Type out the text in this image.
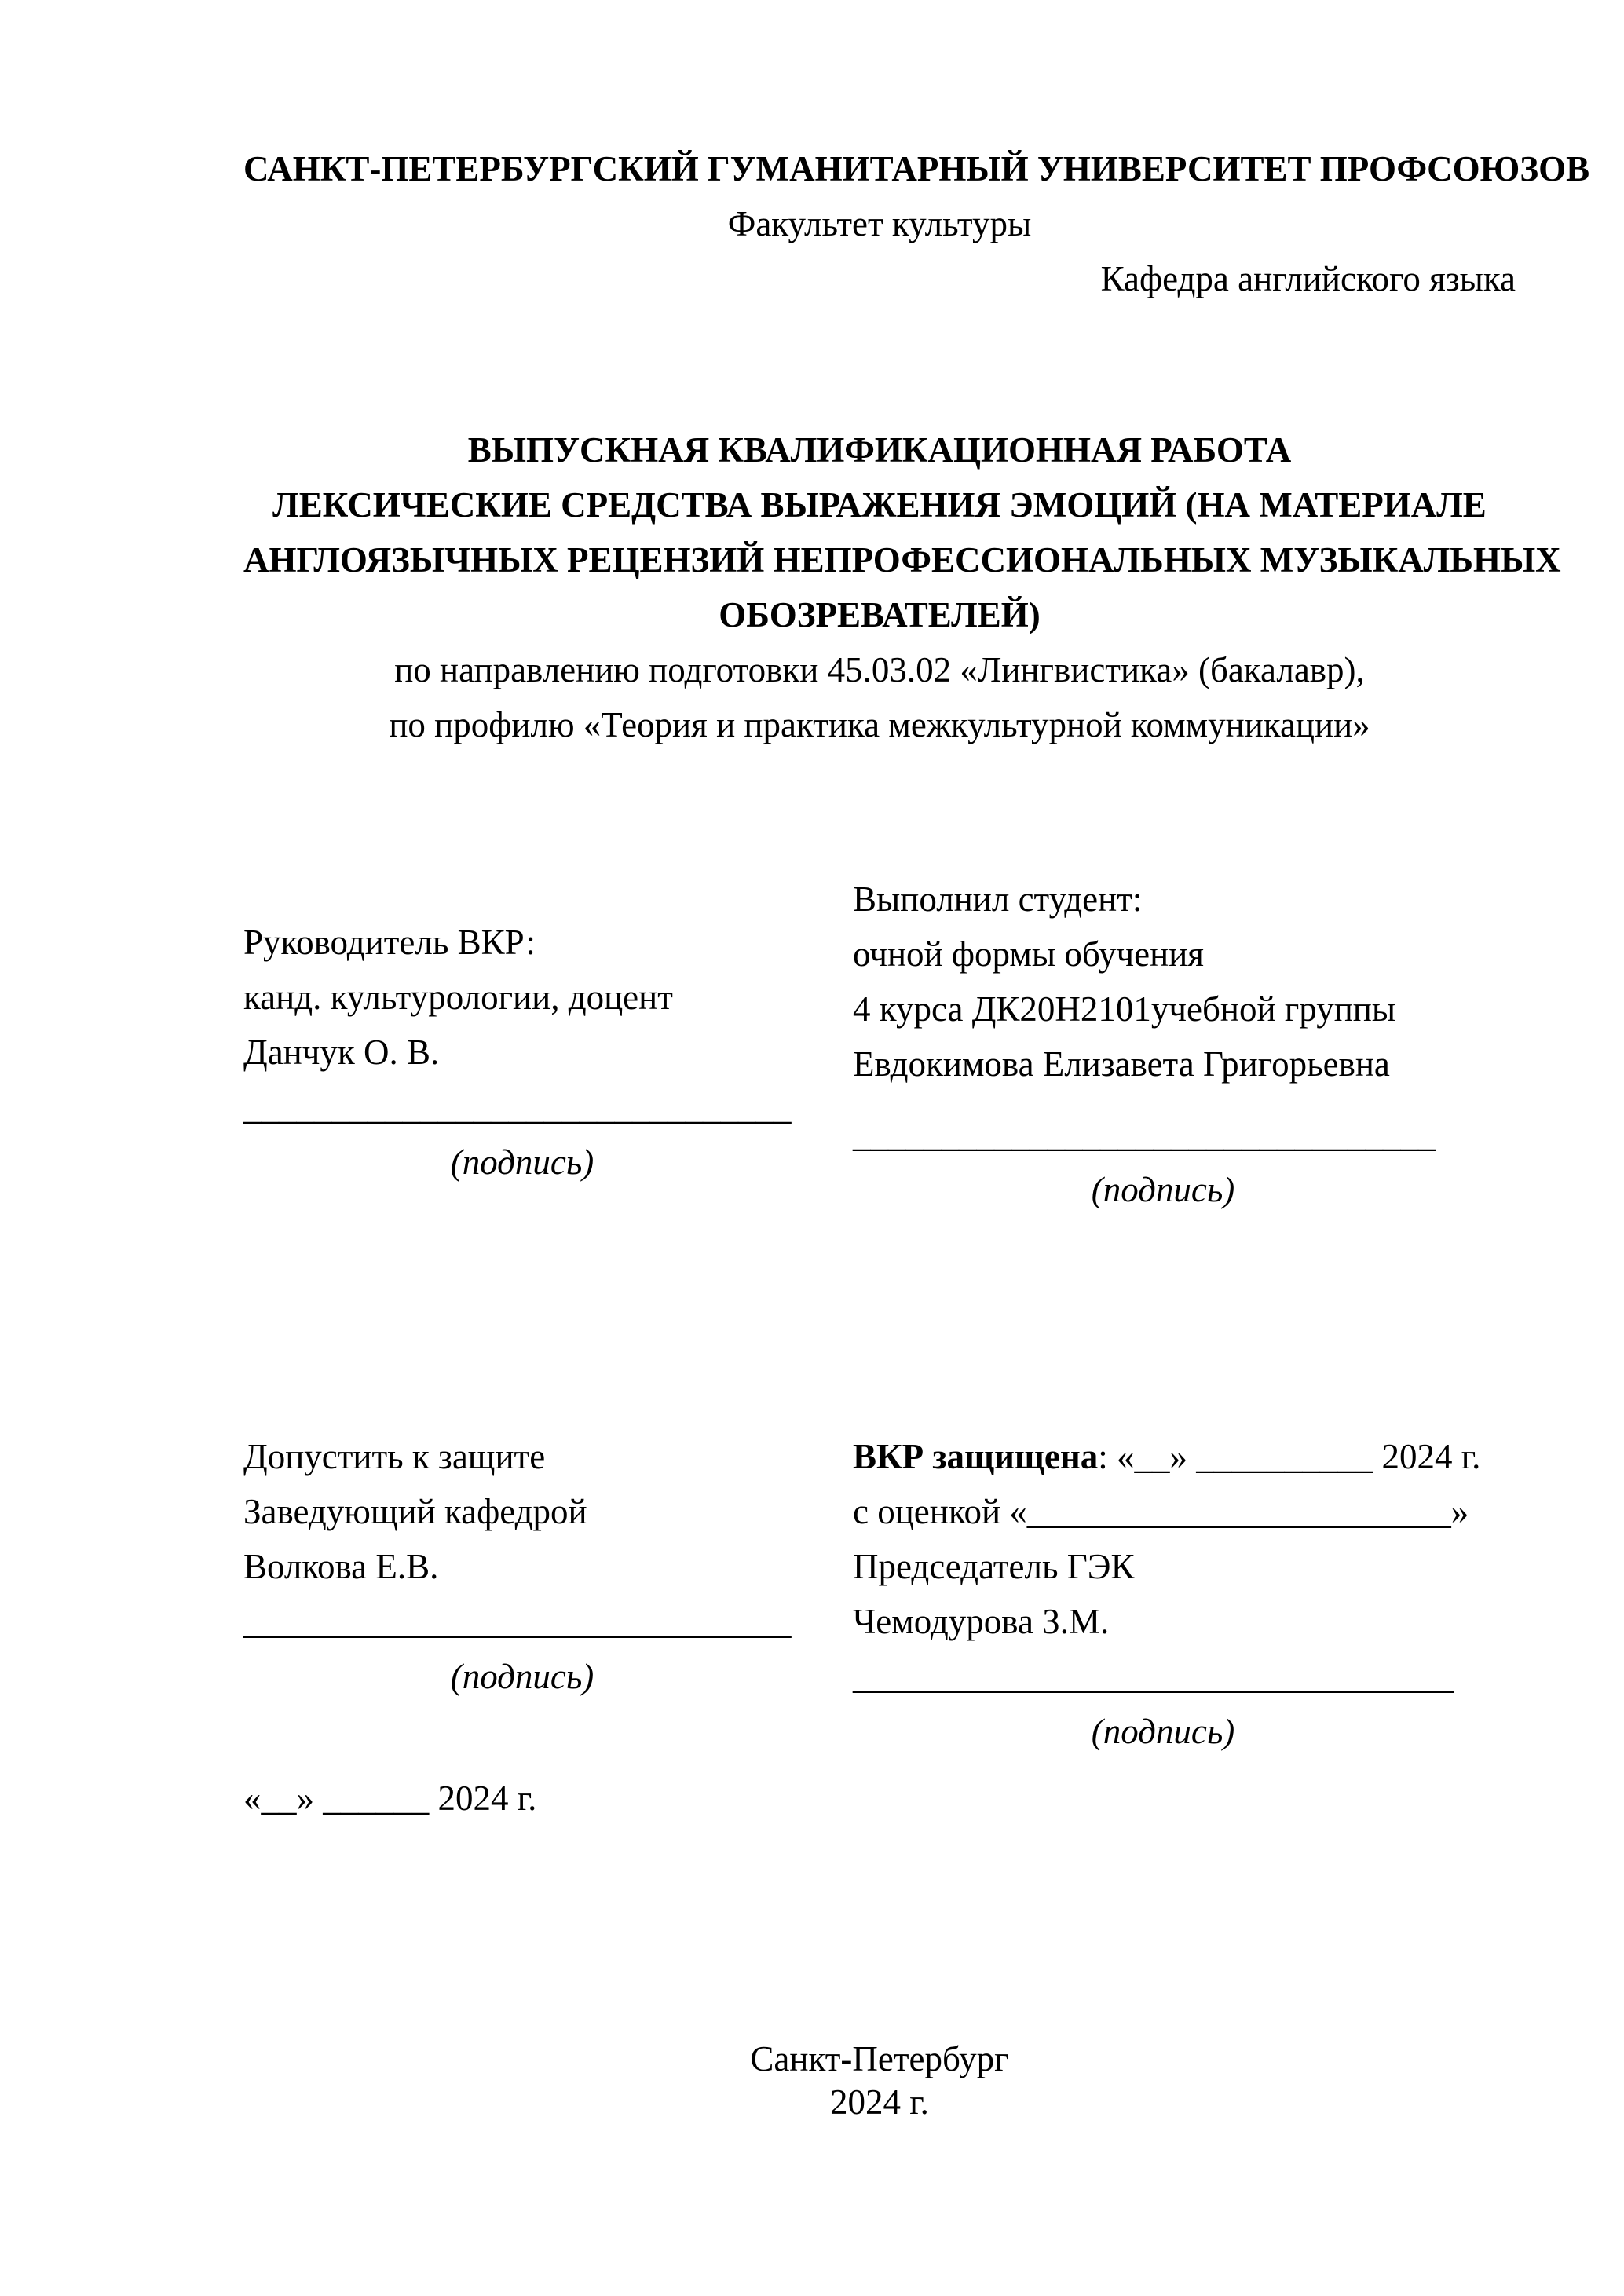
САНКТ-ПЕТЕРБУРГСКИЙ ГУМАНИТАРНЫЙ УНИВЕРСИТЕТ ПРОФСОЮЗОВ
Факультет культуры
Кафедра английского языка
ВЫПУСКНАЯ КВАЛИФИКАЦИОННАЯ РАБОТА
ЛЕКСИЧЕСКИЕ СРЕДСТВА ВЫРАЖЕНИЯ ЭМОЦИЙ (НА МАТЕРИАЛЕ
АНГЛОЯЗЫЧНЫХ РЕЦЕНЗИЙ НЕПРОФЕССИОНАЛЬНЫХ МУЗЫКАЛЬНЫХ
ОБОЗРЕВАТЕЛЕЙ)
по направлению подготовки 45.03.02 «Лингвистика» (бакалавр),
по профилю «Теория и практика межкультурной коммуникации»
Руководитель ВКР:
канд. культурологии, доцент
Данчук О. В.
_______________________________
(подпись)
Выполнил студент:
очной формы обучения
4 курса ДК20Н2101учебной группы
Евдокимова Елизавета Григорьевна
_________________________________
(подпись)
Допустить к защите
Заведующий кафедрой
Волкова Е.В.
_______________________________
(подпись)
«__» ______ 2024 г.
ВКР защищена: «__» __________ 2024 г.
с оценкой «________________________»
Председатель ГЭК
Чемодурова З.М.
__________________________________
(подпись)
Санкт-Петербург
2024 г.
